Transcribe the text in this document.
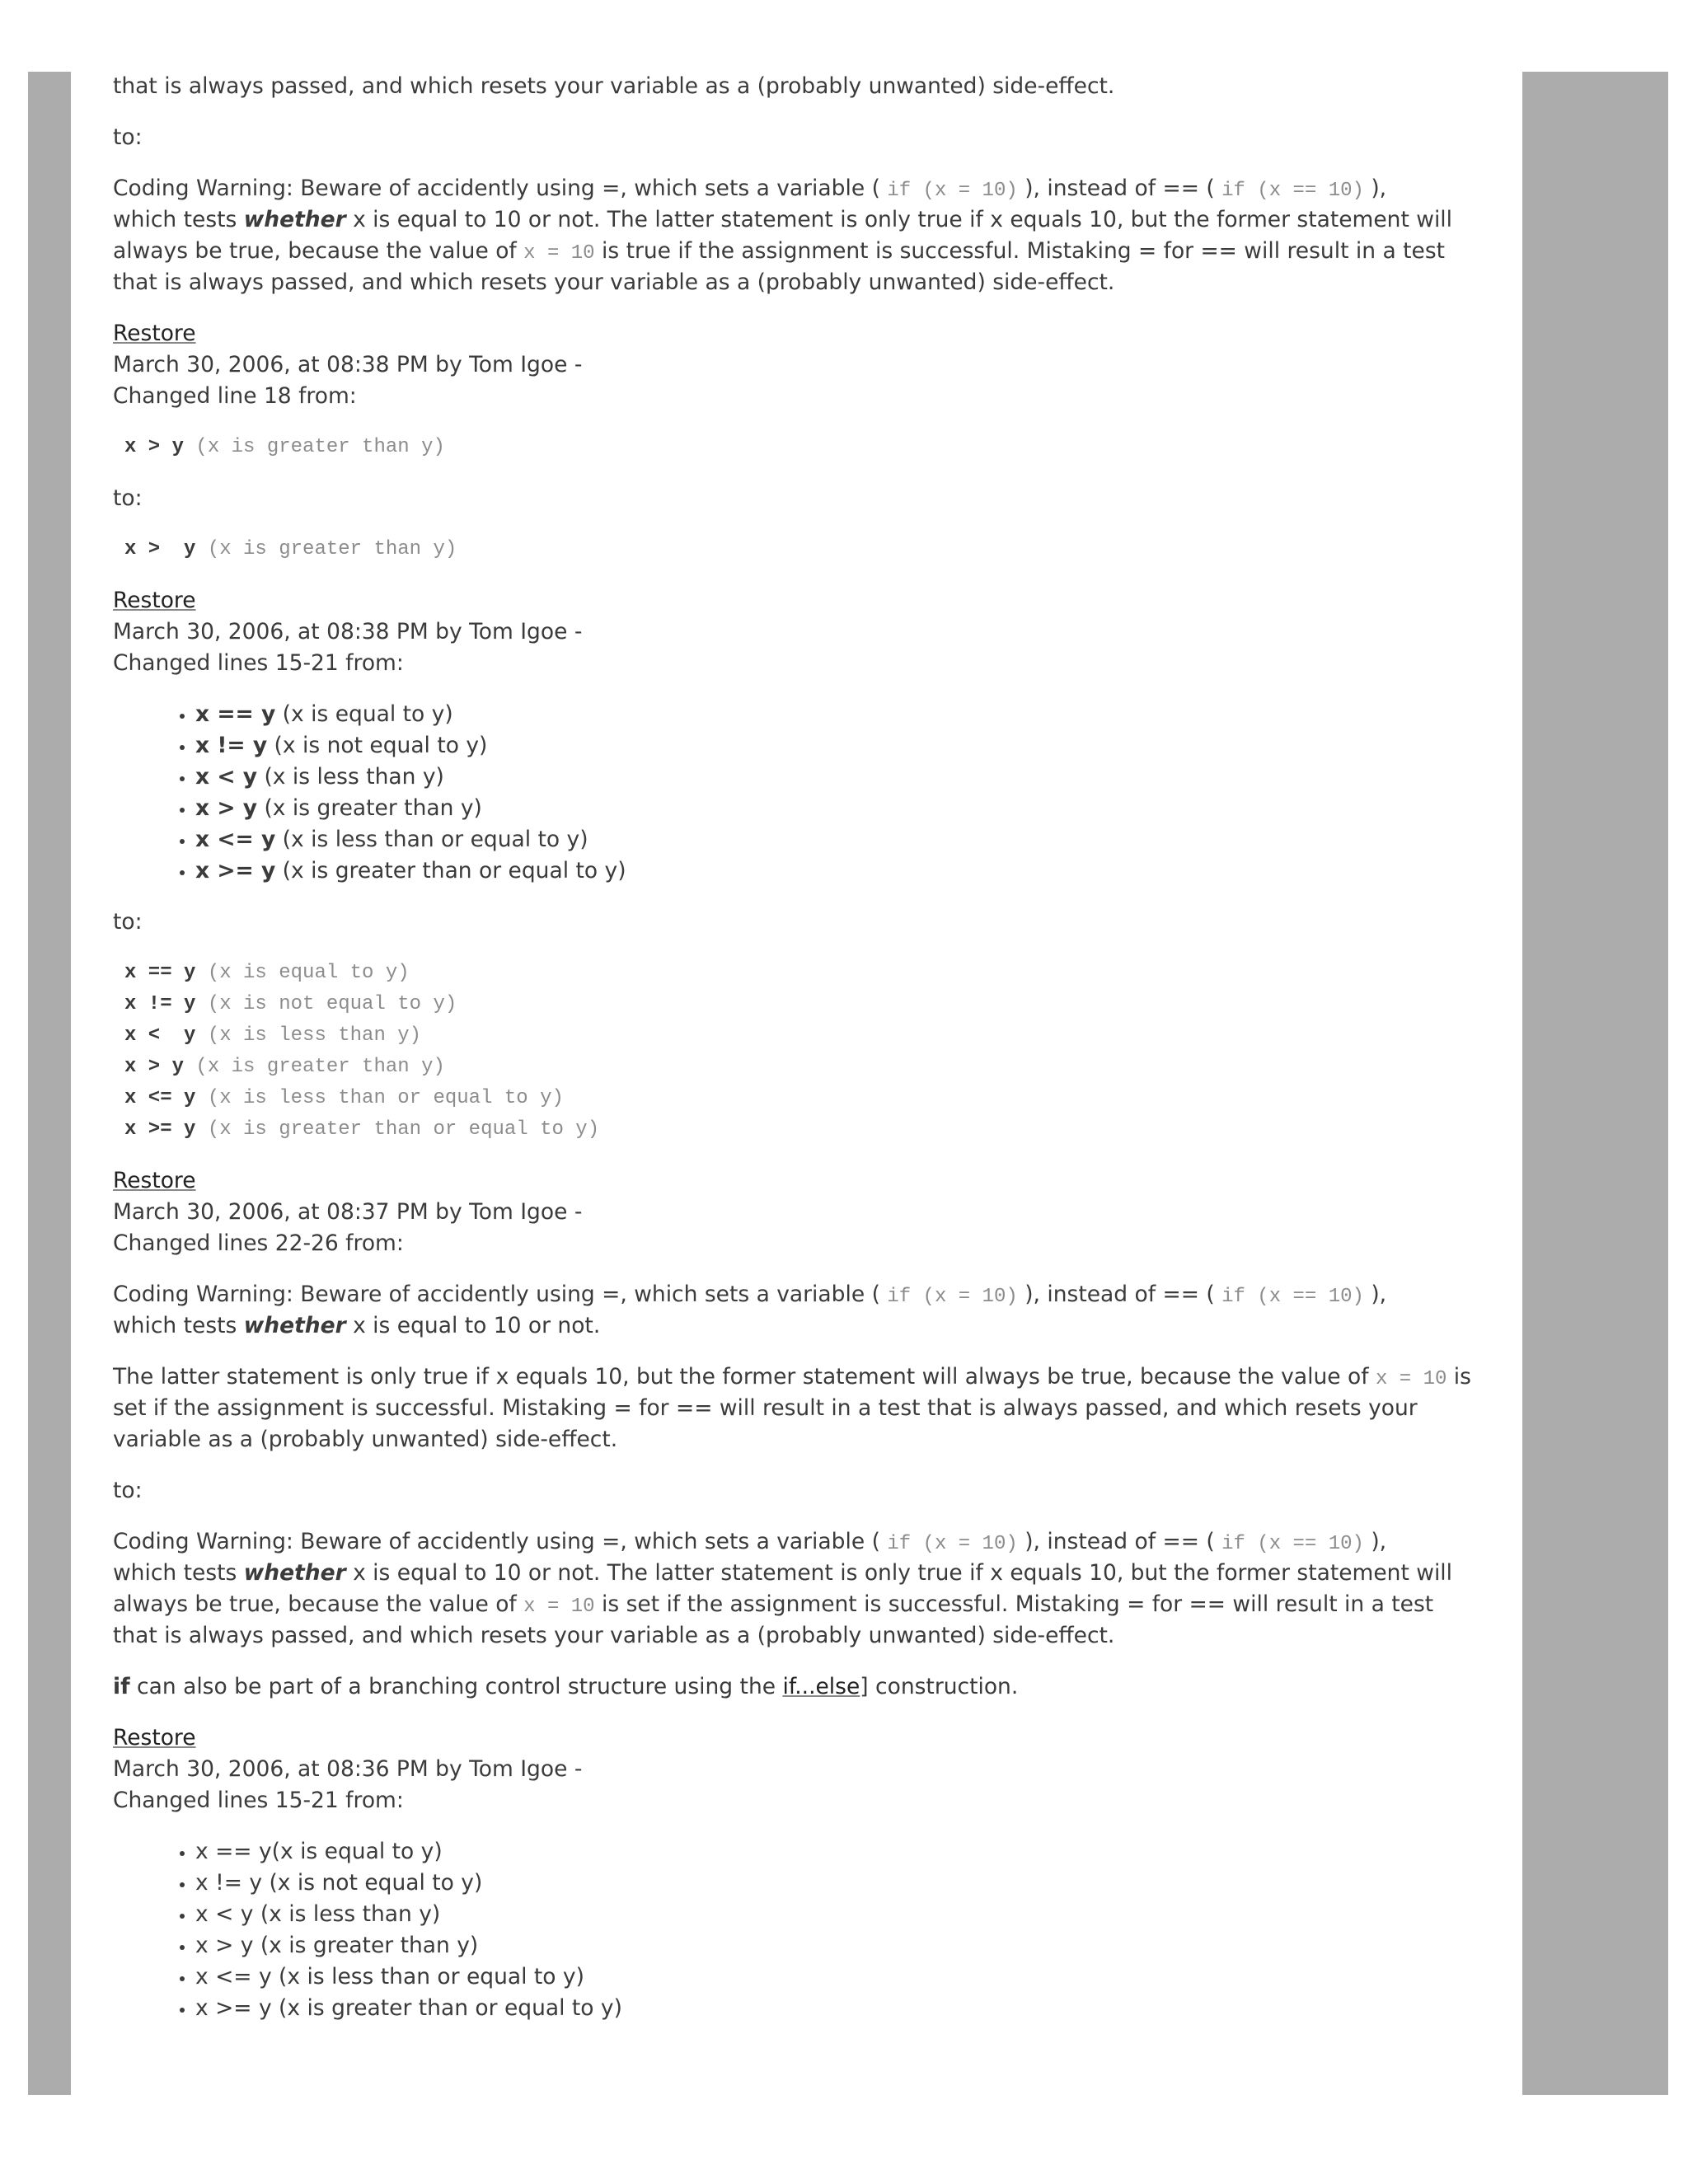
that is always passed, and which resets your variable as a (probably unwanted) side-effect.
to:
Coding Warning: Beware of accidently using =, which sets a variable ( if (x = 10) ), instead of == ( if (x == 10) ),
which tests whether x is equal to 10 or not. The latter statement is only true if x equals 10, but the former statement will
always be true, because the value of x = 10 is true if the assignment is successful. Mistaking = for == will result in a test
that is always passed, and which resets your variable as a (probably unwanted) side-effect.
Restore
March 30, 2006, at 08:38 PM by Tom Igoe -
Changed line 18 from:
x > y (x is greater than y)
to:
x >  y (x is greater than y)
Restore
March 30, 2006, at 08:38 PM by Tom Igoe -
Changed lines 15-21 from:
• x == y (x is equal to y)
• x != y (x is not equal to y)
• x < y (x is less than y)
• x > y (x is greater than y)
• x <= y (x is less than or equal to y)
• x >= y (x is greater than or equal to y)
to:
x == y (x is equal to y)
x != y (x is not equal to y)
x <  y (x is less than y)
x > y (x is greater than y)
x <= y (x is less than or equal to y)
x >= y (x is greater than or equal to y)
Restore
March 30, 2006, at 08:37 PM by Tom Igoe -
Changed lines 22-26 from:
Coding Warning: Beware of accidently using =, which sets a variable ( if (x = 10) ), instead of == ( if (x == 10) ),
which tests whether x is equal to 10 or not.
The latter statement is only true if x equals 10, but the former statement will always be true, because the value of x = 10 is
set if the assignment is successful. Mistaking = for == will result in a test that is always passed, and which resets your
variable as a (probably unwanted) side-effect.
to:
Coding Warning: Beware of accidently using =, which sets a variable ( if (x = 10) ), instead of == ( if (x == 10) ),
which tests whether x is equal to 10 or not. The latter statement is only true if x equals 10, but the former statement will
always be true, because the value of x = 10 is set if the assignment is successful. Mistaking = for == will result in a test
that is always passed, and which resets your variable as a (probably unwanted) side-effect.
if can also be part of a branching control structure using the if...else] construction.
Restore
March 30, 2006, at 08:36 PM by Tom Igoe -
Changed lines 15-21 from:
• x == y(x is equal to y)
• x != y (x is not equal to y)
• x < y (x is less than y)
• x > y (x is greater than y)
• x <= y (x is less than or equal to y)
• x >= y (x is greater than or equal to y)
